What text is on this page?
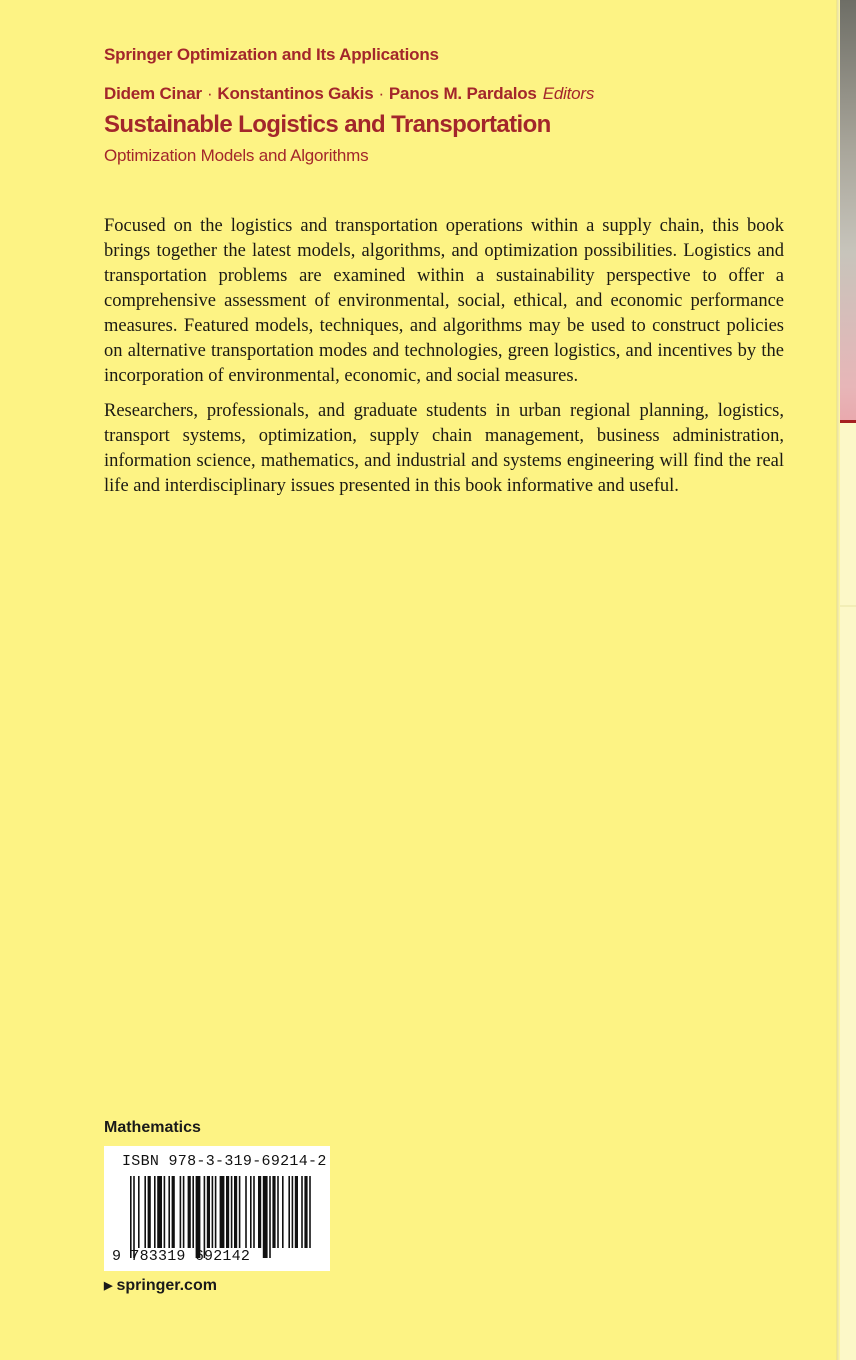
Springer Optimization and Its Applications
Didem Cinar · Konstantinos Gakis · Panos M. Pardalos Editors
Sustainable Logistics and Transportation
Optimization Models and Algorithms

Focused on the logistics and transportation operations within a supply chain, this book brings together the latest models, algorithms, and optimization possibilities. Logistics and transportation problems are examined within a sustainability perspective to offer a comprehensive assessment of environmental, social, ethical, and economic performance measures. Featured models, techniques, and algorithms may be used to construct policies on alternative transportation modes and technologies, green logistics, and incentives by the incorporation of environmental, economic, and social measures.

Researchers, professionals, and graduate students in urban regional planning, logistics, transport systems, optimization, supply chain management, business administration, information science, mathematics, and industrial and systems engineering will find the real life and interdisciplinary issues presented in this book informative and useful.

Mathematics
ISBN 978-3-319-69214-2
9 783319 692142
▶ springer.com
